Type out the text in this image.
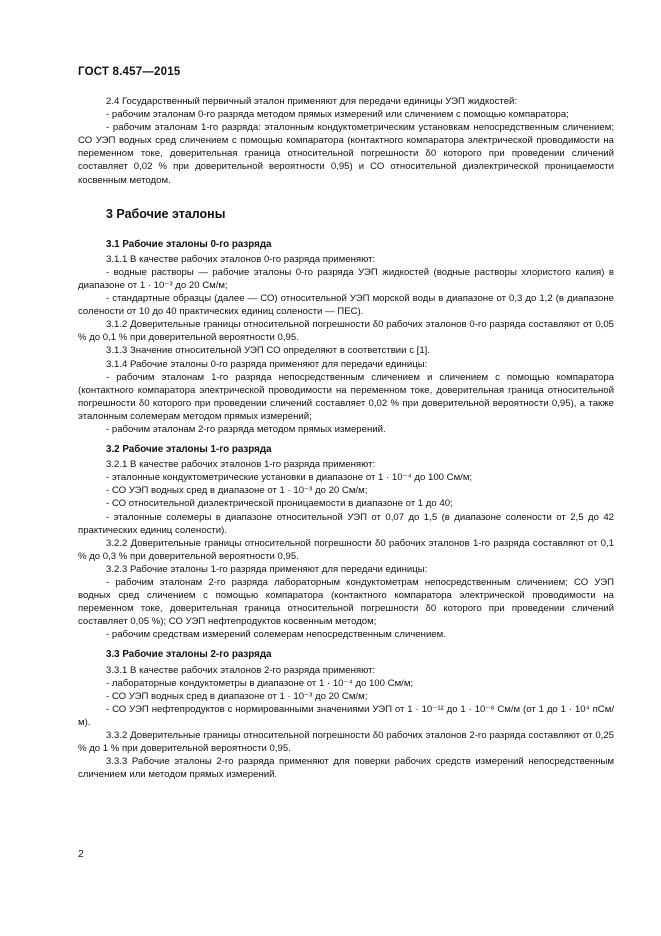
ГОСТ 8.457—2015

2.4 Государственный первичный эталон применяют для передачи единицы УЭП жидкостей:

- рабочим эталонам 0-го разряда методом прямых измерений или сличением с помощью компаратора;

- рабочим эталонам 1-го разряда: эталонным кондуктометрическим установкам непосредственным сличением; СО УЭП водных сред сличением с помощью компаратора (контактного компаратора электрической проводимости на переменном токе, доверительная граница относительной погрешности δ0 которого при проведении сличений составляет 0,02 % при доверительной вероятности 0,95) и СО относительной диэлектрической проницаемости косвенным методом.

3 Рабочие эталоны
3.1 Рабочие эталоны 0-го разряда

3.1.1 В качестве рабочих эталонов 0-го разряда применяют:

- водные растворы — рабочие эталоны 0-го разряда УЭП жидкостей (водные растворы хлористого калия) в диапазоне от 1 · 10⁻³ до 20 См/м;

- стандартные образцы (далее — СО) относительной УЭП морской воды в диапазоне от 0,3 до 1,2 (в диапазоне солености от 10 до 40 практических единиц солености — ПЕС).

3.1.2 Доверительные границы относительной погрешности δ0 рабочих эталонов 0-го разряда составляют от 0,05 % до 0,1 % при доверительной вероятности 0,95.

3.1.3 Значение относительной УЭП СО определяют в соответствии с [1].

3.1.4 Рабочие эталоны 0-го разряда применяют для передачи единицы:

- рабочим эталонам 1-го разряда непосредственным сличением и сличением с помощью компаратора (контактного компаратора электрической проводимости на переменном токе, доверительная граница относительной погрешности δ0 которого при проведении сличений составляет 0,02 % при доверительной вероятности 0,95), а также эталонным солемерам методом прямых измерений;

- рабочим эталонам 2-го разряда методом прямых измерений.

3.2 Рабочие эталоны 1-го разряда

3.2.1 В качестве рабочих эталонов 1-го разряда применяют:

- эталонные кондуктометрические установки в диапазоне от 1 · 10⁻⁴ до 100 См/м;

- СО УЭП водных сред в диапазоне от 1 · 10⁻³ до 20 См/м;

- СО относительной диэлектрической проницаемости в диапазоне от 1 до 40;

- эталонные солемеры в диапазоне относительной УЭП от 0,07 до 1,5 (в диапазоне солености от 2,5 до 42 практических единиц солености).

3.2.2 Доверительные границы относительной погрешности δ0 рабочих эталонов 1-го разряда составляют от 0,1 % до 0,3 % при доверительной вероятности 0,95.

3.2.3 Рабочие эталоны 1-го разряда применяют для передачи единицы:

- рабочим эталонам 2-го разряда лабораторным кондуктометрам непосредственным сличением; СО УЭП водных сред сличением с помощью компаратора (контактного компаратора электрической проводимости на переменном токе, доверительная граница относительной погрешности δ0 которого при проведении сличений составляет 0,05 %); СО УЭП нефтепродуктов косвенным методом;

- рабочим средствам измерений солемерам непосредственным сличением.

3.3 Рабочие эталоны 2-го разряда

3.3.1 В качестве рабочих эталонов 2-го разряда применяют:

- лабораторные кондуктометры в диапазоне от 1 · 10⁻⁴ до 100 См/м;

- СО УЭП водных сред в диапазоне от 1 · 10⁻³ до 20 См/м;

- СО УЭП нефтепродуктов с нормированными значениями УЭП от 1 · 10⁻¹² до 1 · 10⁻⁸ См/м (от 1 до 1 · 10⁴ пСм/м).

3.3.2 Доверительные границы относительной погрешности δ0 рабочих эталонов 2-го разряда составляют от 0,25 % до 1 % при доверительной вероятности 0,95.

3.3.3 Рабочие эталоны 2-го разряда применяют для поверки рабочих средств измерений непосредственным сличением или методом прямых измерений.

2
